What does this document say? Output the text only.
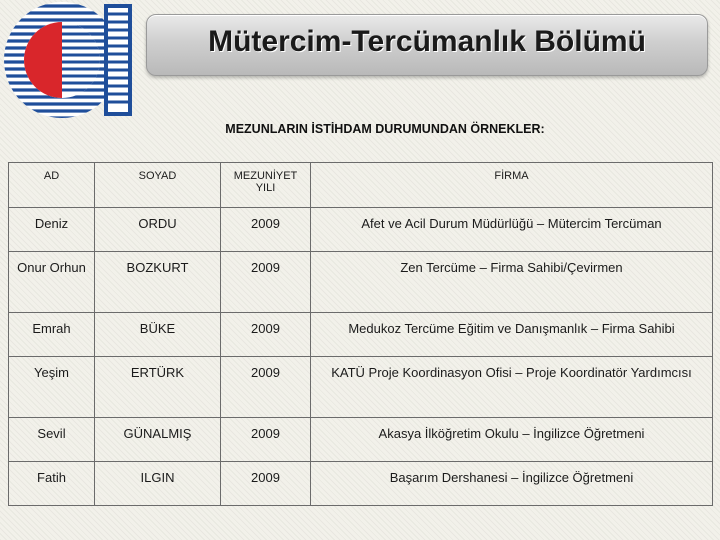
Mütercim-Tercümanlık Bölümü
MEZUNLARIN İSTİHDAM DURUMUNDAN ÖRNEKLER:
AD	SOYAD	MEZUNİYET YILI	FİRMA
Deniz	ORDU	2009	Afet ve Acil Durum Müdürlüğü – Mütercim Tercüman
Onur Orhun	BOZKURT	2009	Zen Tercüme – Firma Sahibi/Çevirmen
Emrah	BÜKE	2009	Medukoz Tercüme Eğitim ve Danışmanlık – Firma Sahibi
Yeşim	ERTÜRK	2009	KATÜ Proje Koordinasyon Ofisi – Proje Koordinatör Yardımcısı
Sevil	GÜNALMIŞ	2009	Akasya İlköğretim Okulu – İngilizce Öğretmeni
Fatih	ILGIN	2009	Başarım Dershanesi – İngilizce Öğretmeni
